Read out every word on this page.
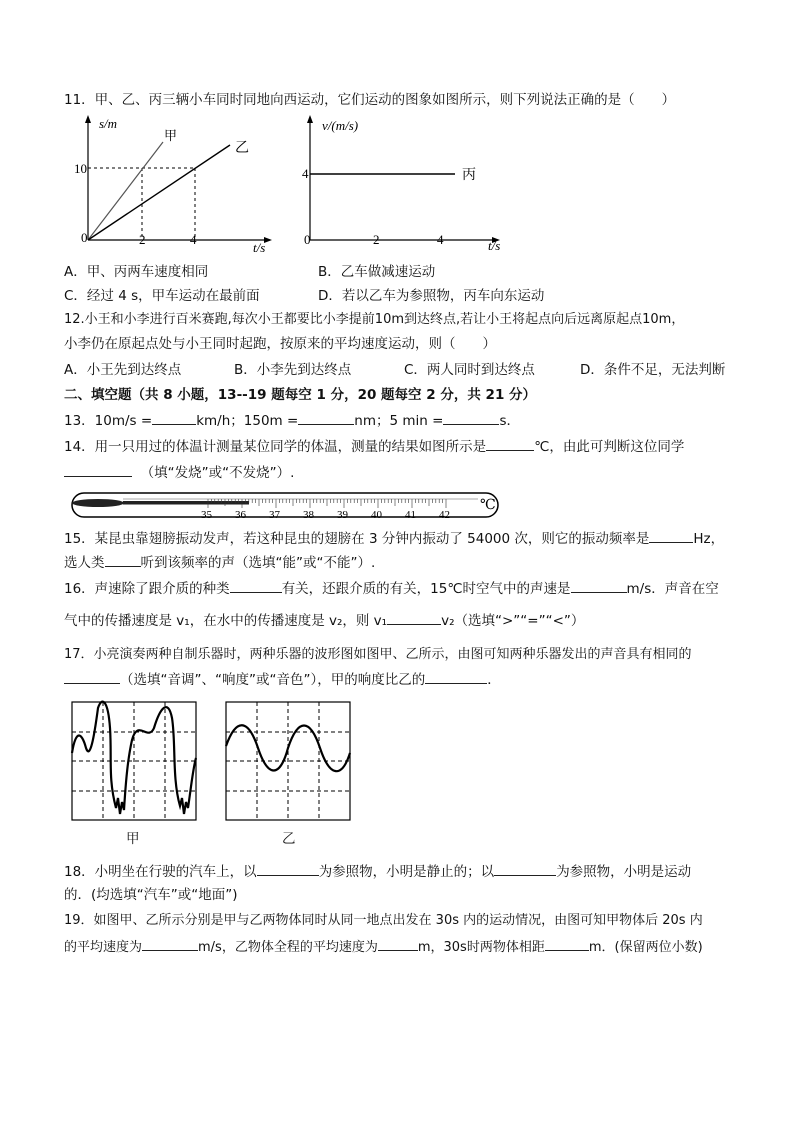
11．甲、乙、丙三辆小车同时同地向西运动，它们运动的图象如图所示，则下列说法正确的是（　　）
s/m
t/s
10
0	2	4
甲
乙
v/(m/s)
t/s
4
0	2	4
丙
A．甲、丙两车速度相同	B．乙车做减速运动
C．经过 4 s，甲车运动在最前面	D．若以乙车为参照物，丙车向东运动
12.小王和小李进行百米赛跑,每次小王都要比小李提前10m到达终点,若让小王将起点向后远离原起点10m，
小李仍在原起点处与小王同时起跑，按原来的平均速度运动，则（　　）
A．小王先到达终点	B．小李先到达终点	C．两人同时到达终点	D．条件不足，无法判断
二、填空题（共 8 小题，13--19 题每空 1 分，20 题每空 2 分，共 21 分）
13．10m/s =	km/h；150m =	nm；5 min =	s．
14．用一只用过的体温计测量某位同学的体温，测量的结果如图所示是	℃，由此可判断这位同学
（填“发烧”或“不发烧”）.
35 36 37 38 39 40 41 42
℃
15．某昆虫靠翅膀振动发声，若这种昆虫的翅膀在 3 分钟内振动了 54000 次，则它的振动频率是	Hz，
选人类	听到该频率的声（选填“能”或“不能”）.
16．声速除了跟介质的种类	有关，还跟介质的有关，15℃时空气中的声速是	m/s．声音在空
气中的传播速度是 v₁，在水中的传播速度是 v₂，则 v₁	v₂（选填“>”“=”“<”）
17．小亮演奏两种自制乐器时，两种乐器的波形图如图甲、乙所示，由图可知两种乐器发出的声音具有相同的
（选填“音调”、“响度”或“音色”），甲的响度比乙的	．
甲	乙
18．小明坐在行驶的汽车上，以	为参照物，小明是静止的；以	为参照物，小明是运动
的．(均选填“汽车”或“地面”)
19．如图甲、乙所示分别是甲与乙两物体同时从同一地点出发在 30s 内的运动情况，由图可知甲物体后 20s 内
的平均速度为	m/s，乙物体全程的平均速度为	m，30s时两物体相距	m．(保留两位小数)
